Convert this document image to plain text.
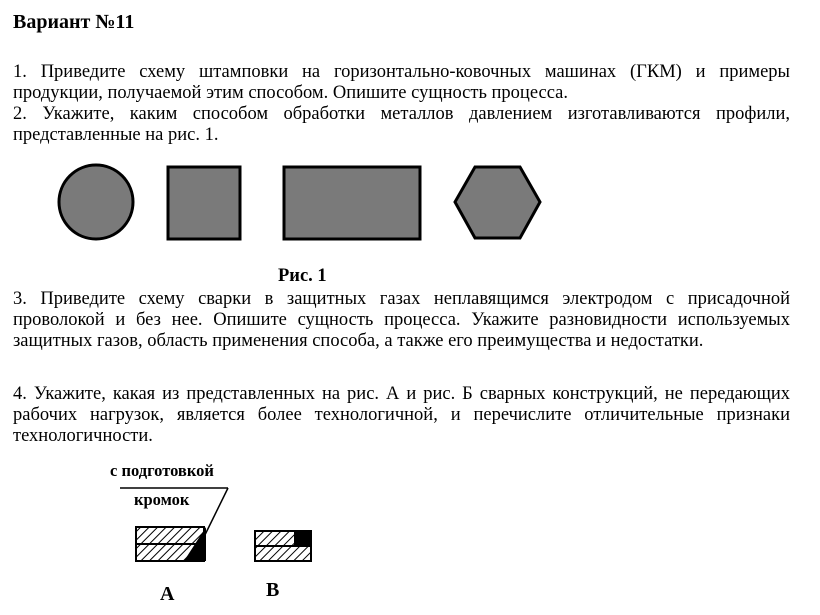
Вариант №11

1. Приведите схему штамповки на горизонтально-ковочных машинах (ГКМ) и примеры продукции, получаемой этим способом. Опишите сущность процесса.

2. Укажите, каким способом обработки металлов давлением изготавливаются профили, представленные на рис. 1.

Рис. 1

3. Приведите схему сварки в защитных газах неплавящимся электродом с присадочной проволокой и без нее. Опишите сущность процесса. Укажите разновидности используемых защитных газов, область применения способа, а также его преимущества и недостатки.

4. Укажите, какая из представленных на рис. А и рис. Б сварных конструкций, не передающих рабочих нагрузок, является более технологичной, и перечислите отличительные признаки технологичности.

с подготовкой
кромок
А	В
